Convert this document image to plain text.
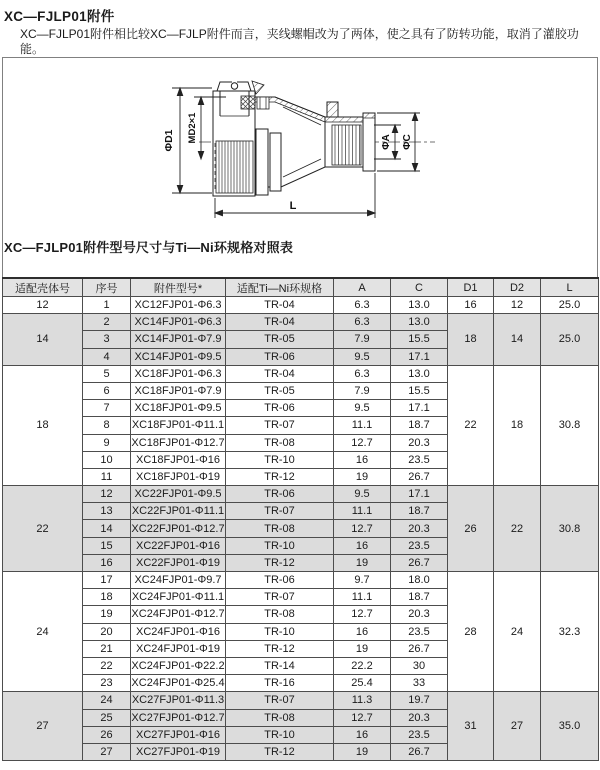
XC—FJLP01附件

XC—FJLP01附件相比较XC—FJLP附件而言，夹线螺帽改为了两体，使之具有了防转功能，取消了灌胶功能。

ΦD1 MD2×1	ΦA ΦC
L
XC—FJLP01附件型号尺寸与Ti—Ni环规格对照表
适配壳体号	序号	附件型号*	适配Ti—Ni环规格	A	C	D1	D2	L
12	1	XC12FJP01-Φ6.3	TR-04	6.3	13.0	16	12	25.0
14	2	XC14FJP01-Φ6.3	TR-04	6.3	13.0	18	14	25.0
	3	XC14FJP01-Φ7.9	TR-05	7.9	15.5			
	4	XC14FJP01-Φ9.5	TR-06	9.5	17.1			
18	5	XC18FJP01-Φ6.3	TR-04	6.3	13.0	22	18	30.8
	6	XC18FJP01-Φ7.9	TR-05	7.9	15.5			
	7	XC18FJP01-Φ9.5	TR-06	9.5	17.1			
	8	XC18FJP01-Φ11.1	TR-07	11.1	18.7			
	9	XC18FJP01-Φ12.7	TR-08	12.7	20.3			
	10	XC18FJP01-Φ16	TR-10	16	23.5			
	11	XC18FJP01-Φ19	TR-12	19	26.7			
22	12	XC22FJP01-Φ9.5	TR-06	9.5	17.1	26	22	30.8
	13	XC22FJP01-Φ11.1	TR-07	11.1	18.7			
	14	XC22FJP01-Φ12.7	TR-08	12.7	20.3			
	15	XC22FJP01-Φ16	TR-10	16	23.5			
	16	XC22FJP01-Φ19	TR-12	19	26.7			
24	17	XC24FJP01-Φ9.7	TR-06	9.7	18.0	28	24	32.3
	18	XC24FJP01-Φ11.1	TR-07	11.1	18.7			
	19	XC24FJP01-Φ12.7	TR-08	12.7	20.3			
	20	XC24FJP01-Φ16	TR-10	16	23.5			
	21	XC24FJP01-Φ19	TR-12	19	26.7			
	22	XC24FJP01-Φ22.2	TR-14	22.2	30			
	23	XC24FJP01-Φ25.4	TR-16	25.4	33			
27	24	XC27FJP01-Φ11.3	TR-07	11.3	19.7	31	27	35.0
	25	XC27FJP01-Φ12.7	TR-08	12.7	20.3			
	26	XC27FJP01-Φ16	TR-10	16	23.5			
	27	XC27FJP01-Φ19	TR-12	19	26.7			
